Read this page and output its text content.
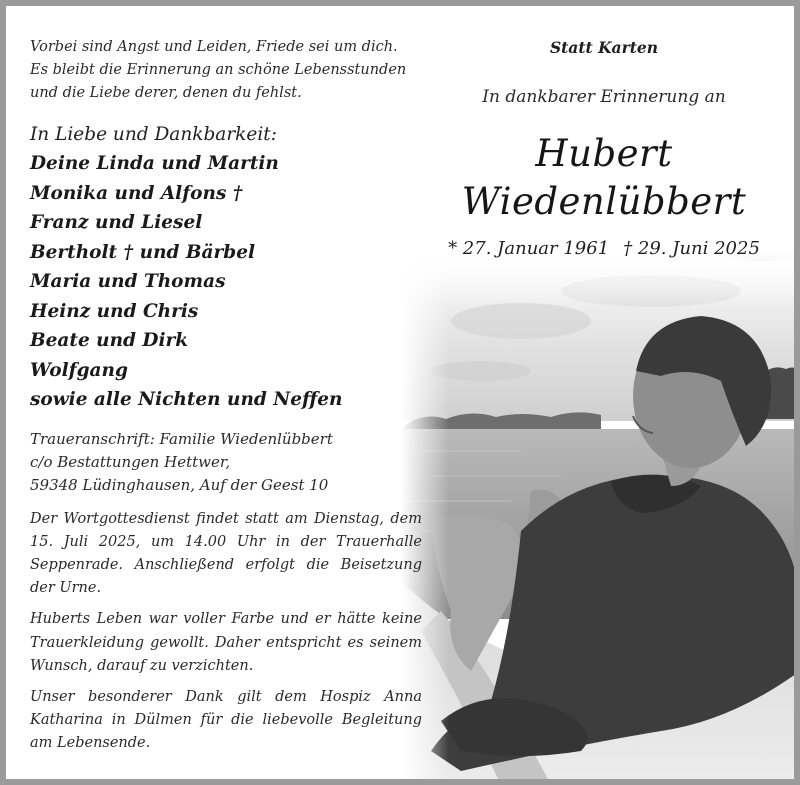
Vorbei sind Angst und Leiden, Friede sei um dich.
Es bleibt die Erinnerung an schöne Lebensstunden
und die Liebe derer, denen du fehlst.

In Liebe und Dankbarkeit:
Deine Linda und Martin
Monika und Alfons †
Franz und Liesel
Bertholt † und Bärbel
Maria und Thomas
Heinz und Chris
Beate und Dirk
Wolfgang
sowie alle Nichten und Neffen
Traueranschrift: Familie Wiedenlübbert
c/o Bestattungen Hettwer,
59348 Lüdinghausen, Auf der Geest 10

Der Wortgottesdienst findet statt am Dienstag, dem 15. Juli 2025, um 14.00 Uhr in der Trauerhalle Seppenrade. Anschließend erfolgt die Beisetzung der Urne.

Huberts Leben war voller Farbe und er hätte keine Trauerkleidung gewollt. Daher entspricht es seinem Wunsch, darauf zu verzichten.

Unser besonderer Dank gilt dem Hospiz Anna Katharina in Dülmen für die liebevolle Begleitung am Lebensende.

Statt Karten
In dankbarer Erinnerung an
Hubert
Wiedenlübbert
* 27. Januar 1961 † 29. Juni 2025
